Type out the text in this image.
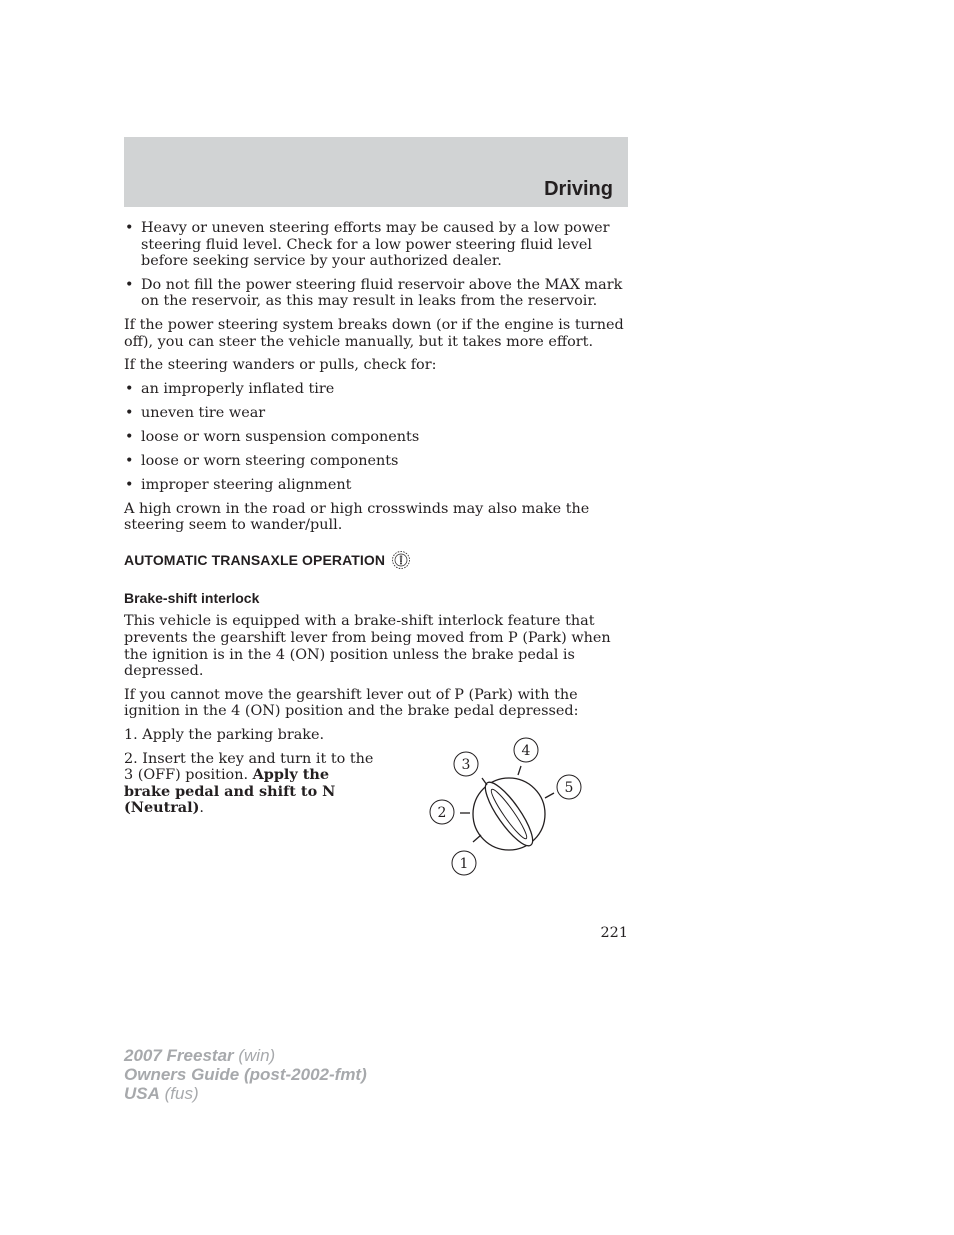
Driving
• Heavy or uneven steering efforts may be caused by a low power steering fluid level. Check for a low power steering fluid level before seeking service by your authorized dealer.
• Do not fill the power steering fluid reservoir above the MAX mark on the reservoir, as this may result in leaks from the reservoir.

If the power steering system breaks down (or if the engine is turned off), you can steer the vehicle manually, but it takes more effort.

If the steering wanders or pulls, check for:

• an improperly inflated tire
• uneven tire wear
• loose or worn suspension components
• loose or worn steering components
• improper steering alignment

A high crown in the road or high crosswinds may also make the steering seem to wander/pull.

AUTOMATIC TRANSAXLE OPERATION
Brake-shift interlock

This vehicle is equipped with a brake-shift interlock feature that prevents the gearshift lever from being moved from P (Park) when the ignition is in the 4 (ON) position unless the brake pedal is depressed.

If you cannot move the gearshift lever out of P (Park) with the ignition in the 4 (ON) position and the brake pedal depressed:

1. Apply the parking brake.

2. Insert the key and turn it to the 3 (OFF) position. Apply the brake pedal and shift to N (Neutral).

1
2
3
4
5
221
2007 Freestar (win)
Owners Guide (post-2002-fmt)
USA (fus)
